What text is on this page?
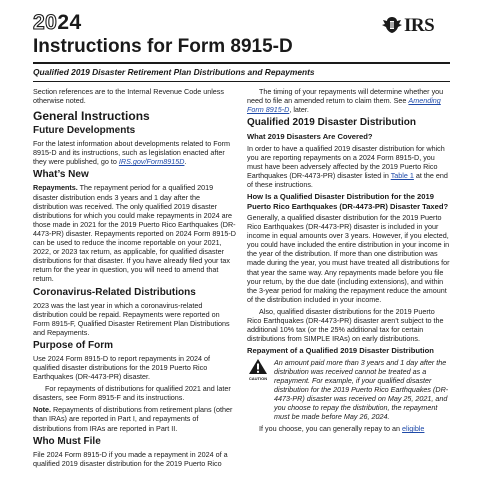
2024	IRS
Instructions for Form 8915-D
Qualified 2019 Disaster Retirement Plan Distributions and Repayments

Section references are to the Internal Revenue Code unless otherwise noted.

General Instructions
Future Developments

For the latest information about developments related to Form 8915-D and its instructions, such as legislation enacted after they were published, go to IRS.gov/Form8915D.

What’s New

Repayments. The repayment period for a qualified 2019 disaster distribution ends 3 years and 1 day after the distribution was received. The only qualified 2019 disaster distributions for which you could make repayments in 2024 are those made in 2021 for the 2019 Puerto Rico Earthquakes (DR-4473-PR) disaster. Repayments reported on 2024 Form 8915-D can be used to reduce the income reportable on your 2021, 2022, or 2023 tax return, as applicable, for qualified disaster distributions for that disaster. If you have already filed your tax return for the year in question, you will need to amend that return.

Coronavirus-Related Distributions

2023 was the last year in which a coronavirus-related distribution could be repaid. Repayments were reported on Form 8915-F, Qualified Disaster Retirement Plan Distributions and Repayments.

Purpose of Form

Use 2024 Form 8915-D to report repayments in 2024 of qualified disaster distributions for the 2019 Puerto Rico Earthquakes (DR-4473-PR) disaster.

For repayments of distributions for qualified 2021 and later disasters, see Form 8915-F and its instructions.

Note. Repayments of distributions from retirement plans (other than IRAs) are reported in Part I, and repayments of distributions from IRAs are reported in Part II.

Who Must File

File 2024 Form 8915-D if you made a repayment in 2024 of a qualified 2019 disaster distribution for the 2019 Puerto Rico

The timing of your repayments will determine whether you need to file an amended return to claim them. See Amending Form 8915-D, later.

Qualified 2019 Disaster Distribution
What 2019 Disasters Are Covered?

In order to have a qualified 2019 disaster distribution for which you are reporting repayments on a 2024 Form 8915-D, you must have been adversely affected by the 2019 Puerto Rico Earthquakes (DR-4473-PR) disaster listed in Table 1 at the end of these instructions.

How Is a Qualified Disaster Distribution for the 2019 Puerto Rico Earthquakes (DR-4473-PR) Disaster Taxed?

Generally, a qualified disaster distribution for the 2019 Puerto Rico Earthquakes (DR-4473-PR) disaster is included in your income in equal amounts over 3 years. However, if you elected, you could have included the entire distribution in your income in the year of the distribution. If more than one distribution was made during the year, you must have treated all distributions for that year the same way. Any repayments made before you file your return, by the due date (including extensions), and within the 3-year period for making the repayment reduce the amount of the distribution included in your income.

Also, qualified disaster distributions for the 2019 Puerto Rico Earthquakes (DR-4473-PR) disaster aren’t subject to the additional 10% tax (or the 25% additional tax for certain distributions from SIMPLE IRAs) on early distributions.

Repayment of a Qualified 2019 Disaster Distribution
CAUTION

An amount paid more than 3 years and 1 day after the distribution was received cannot be treated as a repayment. For example, if your qualified disaster distribution for the 2019 Puerto Rico Earthquakes (DR-4473-PR) disaster was received on May 25, 2021, and you choose to repay the distribution, the repayment must be made before May 26, 2024.

If you choose, you can generally repay to an eligible
